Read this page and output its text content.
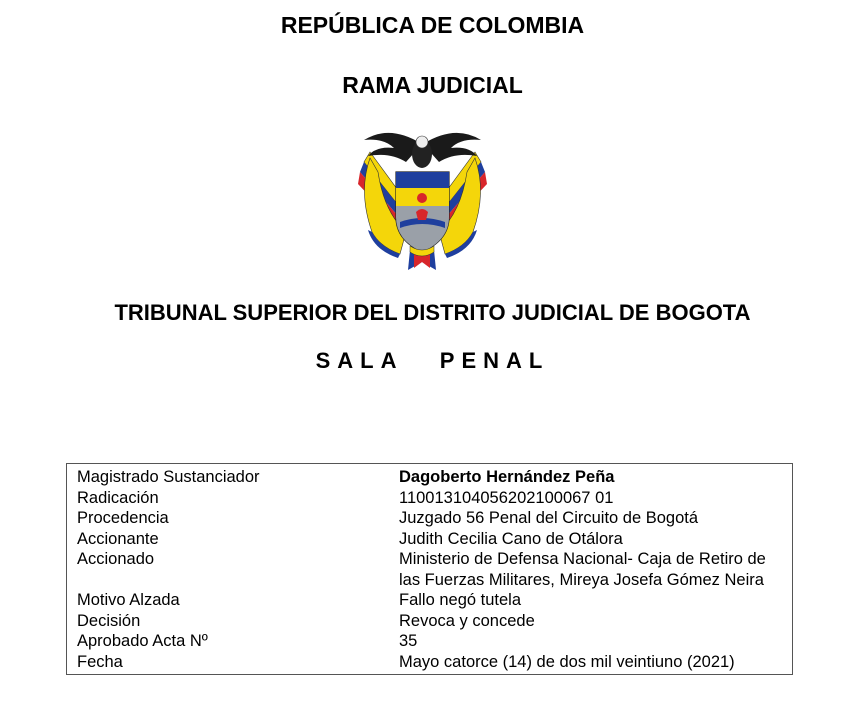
REPÚBLICA DE COLOMBIA
RAMA JUDICIAL
TRIBUNAL SUPERIOR DEL DISTRITO JUDICIAL DE BOGOTA
SALA PENAL
Magistrado Sustanciador	Dagoberto Hernández Peña
Radicación	110013104056202100067 01
Procedencia	Juzgado 56 Penal del Circuito de Bogotá
Accionante	Judith Cecilia Cano de Otálora
Accionado	Ministerio de Defensa Nacional- Caja de Retiro de las Fuerzas Militares, Mireya Josefa Gómez Neira
Motivo Alzada	Fallo negó tutela
Decisión	Revoca y concede
Aprobado Acta Nº	35
Fecha	Mayo catorce (14) de dos mil veintiuno (2021)
